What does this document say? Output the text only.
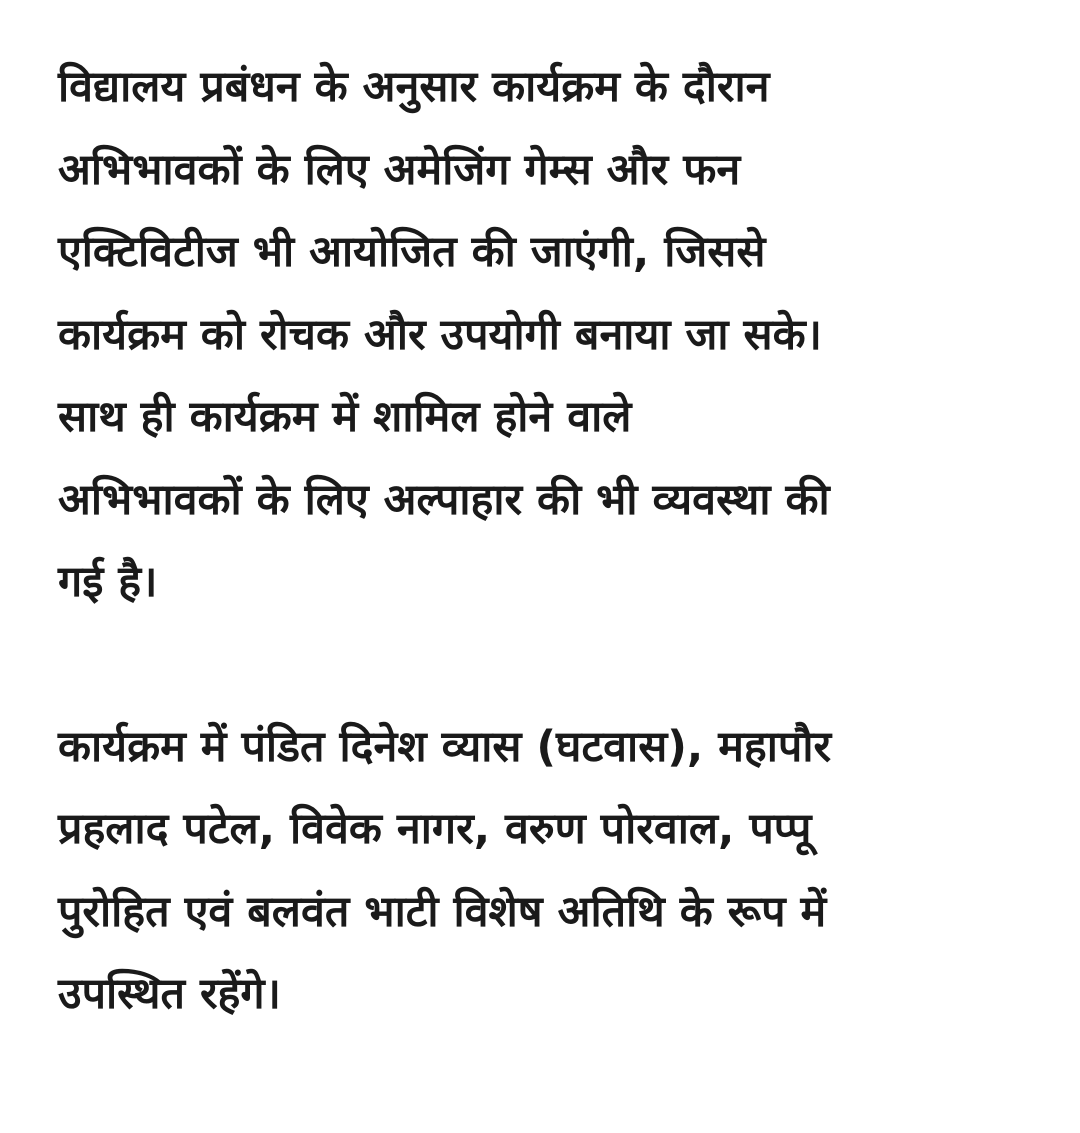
विद्यालय प्रबंधन के अनुसार कार्यक्रम के दौरान
अभिभावकों के लिए अमेजिंग गेम्स और फन
एक्टिविटीज भी आयोजित की जाएंगी, जिससे
कार्यक्रम को रोचक और उपयोगी बनाया जा सके।
साथ ही कार्यक्रम में शामिल होने वाले
अभिभावकों के लिए अल्पाहार की भी व्यवस्था की
गई है।

कार्यक्रम में पंडित दिनेश व्यास (घटवास), महापौर
प्रहलाद पटेल, विवेक नागर, वरुण पोरवाल, पप्पू
पुरोहित एवं बलवंत भाटी विशेष अतिथि के रूप में
उपस्थित रहेंगे।
